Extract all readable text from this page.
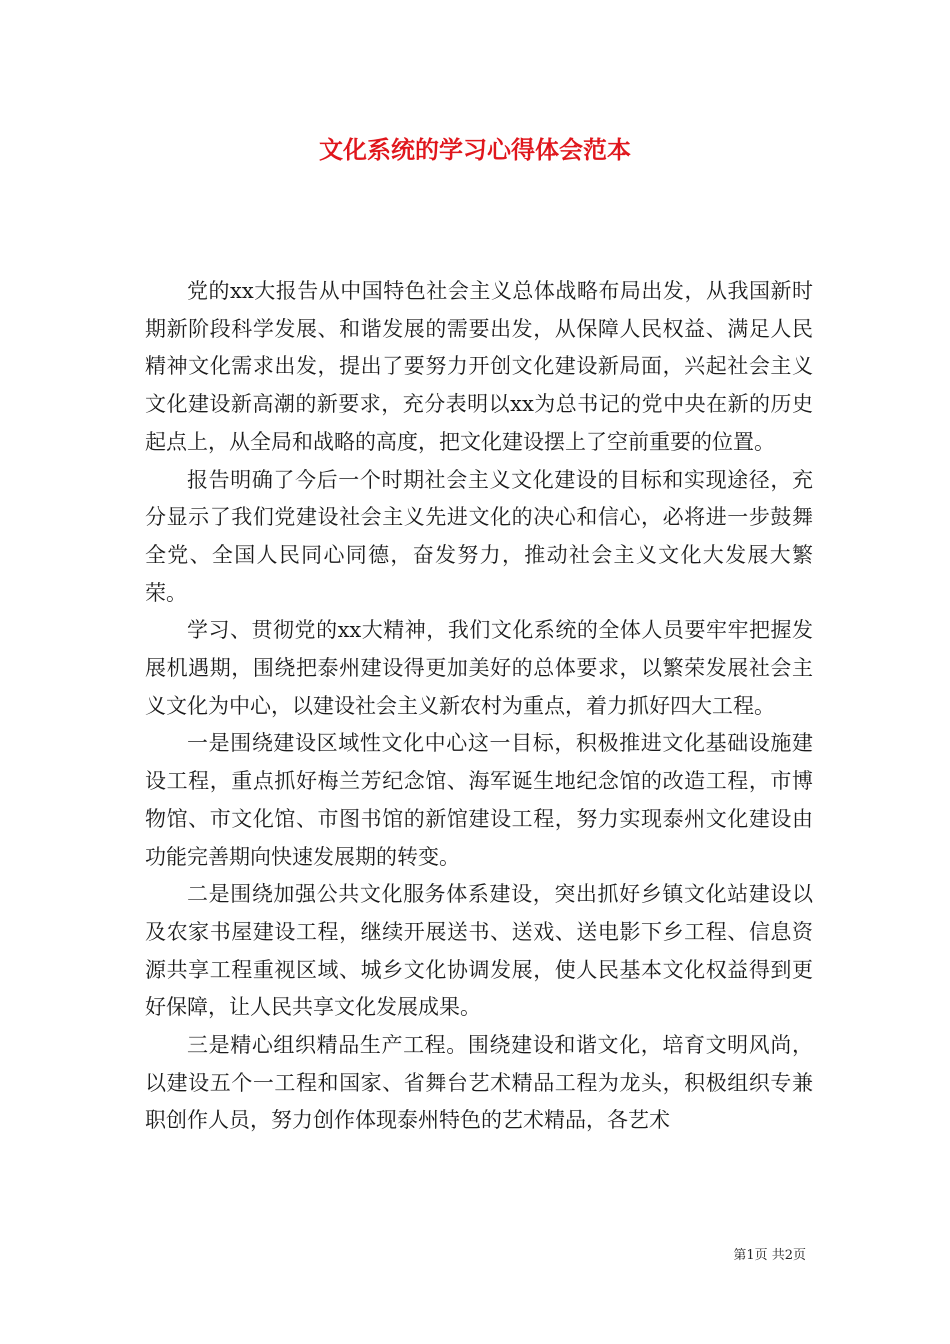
文化系统的学习心得体会范本

党的xx大报告从中国特色社会主义总体战略布局出发，从我国新时期新阶段科学发展、和谐发展的需要出发，从保障人民权益、满足人民精神文化需求出发，提出了要努力开创文化建设新局面，兴起社会主义文化建设新高潮的新要求，充分表明以xx为总书记的党中央在新的历史起点上，从全局和战略的高度，把文化建设摆上了空前重要的位置。

报告明确了今后一个时期社会主义文化建设的目标和实现途径，充分显示了我们党建设社会主义先进文化的决心和信心，必将进一步鼓舞全党、全国人民同心同德，奋发努力，推动社会主义文化大发展大繁荣。

学习、贯彻党的xx大精神，我们文化系统的全体人员要牢牢把握发展机遇期，围绕把泰州建设得更加美好的总体要求，以繁荣发展社会主义文化为中心，以建设社会主义新农村为重点，着力抓好四大工程。

一是围绕建设区域性文化中心这一目标，积极推进文化基础设施建设工程，重点抓好梅兰芳纪念馆、海军诞生地纪念馆的改造工程，市博物馆、市文化馆、市图书馆的新馆建设工程，努力实现泰州文化建设由功能完善期向快速发展期的转变。

二是围绕加强公共文化服务体系建设，突出抓好乡镇文化站建设以及农家书屋建设工程，继续开展送书、送戏、送电影下乡工程、信息资源共享工程重视区域、城乡文化协调发展，使人民基本文化权益得到更好保障，让人民共享文化发展成果。

三是精心组织精品生产工程。围绕建设和谐文化，培育文明风尚，以建设五个一工程和国家、省舞台艺术精品工程为龙头，积极组织专兼职创作人员，努力创作体现泰州特色的艺术精品，各艺术

第1页 共2页
